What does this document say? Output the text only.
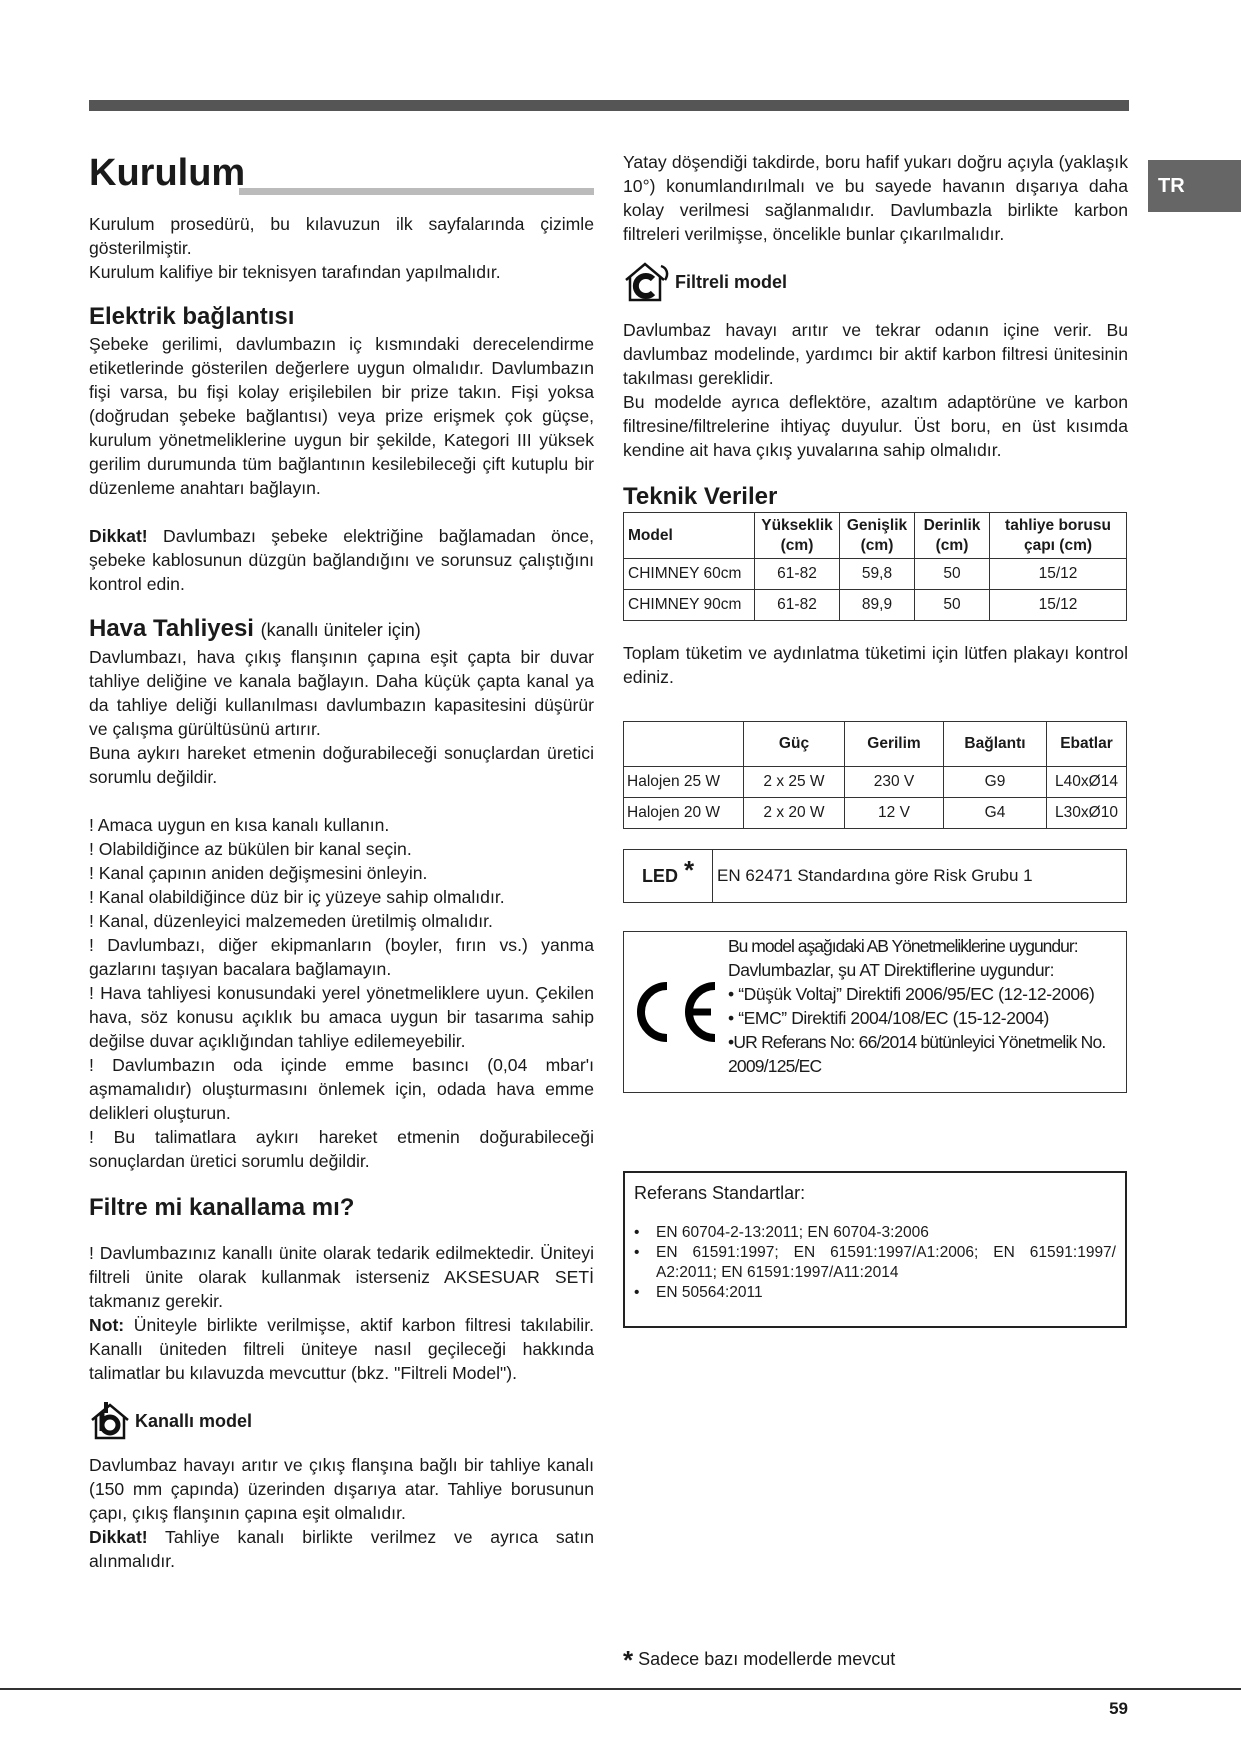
TR
Kurulum

Kurulum prosedürü, bu kılavuzun ilk sayfalarında çizimle gösterilmiştir.

Kurulum kalifiye bir teknisyen tarafından yapılmalıdır.

Elektrik bağlantısı

Şebeke gerilimi, davlumbazın iç kısmındaki derecelendirme etiketlerinde gösterilen değerlere uygun olmalıdır. Davlumbazın fişi varsa, bu fişi kolay erişilebilen bir prize takın. Fişi yoksa (doğrudan şebeke bağlantısı) veya prize erişmek çok güçse, kurulum yönetmeliklerine uygun bir şekilde, Kategori III yüksek gerilim durumunda tüm bağlantının kesilebileceği çift kutuplu bir düzenleme anahtarı bağlayın.

Dikkat! Davlumbazı şebeke elektriğine bağlamadan önce, şebeke kablosunun düzgün bağlandığını ve sorunsuz çalıştığını kontrol edin.

Hava Tahliyesi (kanallı üniteler için)

Davlumbazı, hava çıkış flanşının çapına eşit çapta bir duvar tahliye deliğine ve kanala bağlayın. Daha küçük çapta kanal ya da tahliye deliği kullanılması davlumbazın kapasitesini düşürür ve çalışma gürültüsünü artırır.

Buna aykırı hareket etmenin doğurabileceği sonuçlardan üretici sorumlu değildir.

! Amaca uygun en kısa kanalı kullanın.

! Olabildiğince az bükülen bir kanal seçin.

! Kanal çapının aniden değişmesini önleyin.

! Kanal olabildiğince düz bir iç yüzeye sahip olmalıdır.

! Kanal, düzenleyici malzemeden üretilmiş olmalıdır.

! Davlumbazı, diğer ekipmanların (boyler, fırın vs.) yanma gazlarını taşıyan bacalara bağlamayın.

! Hava tahliyesi konusundaki yerel yönetmeliklere uyun. Çekilen hava, söz konusu açıklık bu amaca uygun bir tasarıma sahip değilse duvar açıklığından tahliye edilemeyebilir.

! Davlumbazın oda içinde emme basıncı (0,04 mbar'ı aşmamalıdır) oluşturmasını önlemek için, odada hava emme delikleri oluşturun.

! Bu talimatlara aykırı hareket etmenin doğurabileceği sonuçlardan üretici sorumlu değildir.

Filtre mi kanallama mı?

! Davlumbazınız kanallı ünite olarak tedarik edilmektedir. Üniteyi filtreli ünite olarak kullanmak isterseniz AKSESUAR SETİ takmanız gerekir.

Not: Üniteyle birlikte verilmişse, aktif karbon filtresi takılabilir. Kanallı üniteden filtreli üniteye nasıl geçileceği hakkında talimatlar bu kılavuzda mevcuttur (bkz. "Filtreli Model").

Kanallı model

Davlumbaz havayı arıtır ve çıkış flanşına bağlı bir tahliye kanalı (150 mm çapında) üzerinden dışarıya atar. Tahliye borusunun çapı, çıkış flanşının çapına eşit olmalıdır.

Dikkat! Tahliye kanalı birlikte verilmez ve ayrıca satın alınmalıdır.

Yatay döşendiği takdirde, boru hafif yukarı doğru açıyla (yaklaşık 10°) konumlandırılmalı ve bu sayede havanın dışarıya daha kolay verilmesi sağlanmalıdır. Davlumbazla birlikte karbon filtreleri verilmişse, öncelikle bunlar çıkarılmalıdır.

Filtreli model

Davlumbaz havayı arıtır ve tekrar odanın içine verir. Bu davlumbaz modelinde, yardımcı bir aktif karbon filtresi ünitesinin takılması gereklidir.

Bu modelde ayrıca deflektöre, azaltım adaptörüne ve karbon filtresine/filtrelerine ihtiyaç duyulur. Üst boru, en üst kısımda kendine ait hava çıkış yuvalarına sahip olmalıdır.

Teknik Veriler
Model	Yükseklik (cm)	Genişlik (cm)	Derinlik (cm)	tahliye borusu çapı (cm)
CHIMNEY 60cm	61-82	59,8	50	15/12
CHIMNEY 90cm	61-82	89,9	50	15/12

Toplam tüketim ve aydınlatma tüketimi için lütfen plakayı kontrol ediniz.

	Güç	Gerilim	Bağlantı	Ebatlar
Halojen 25 W	2 x 25 W	230 V	G9	L40xØ14
Halojen 20 W	2 x 20 W	12 V	G4	L30xØ10
LED * EN 62471 Standardına göre Risk Grubu 1
Bu model aşağıdaki AB Yönetmeliklerine uygundur:
Davlumbazlar, şu AT Direktiflerine uygundur:
• “Düşük Voltaj” Direktifi 2006/95/EC (12-12-2006)
• “EMC” Direktifi 2004/108/EC (15-12-2004)
•UR Referans No: 66/2014 bütünleyici Yönetmelik No. 2009/125/EC
Referans Standartlar:
•	EN 60704-2-13:2011; EN 60704-3:2006
•	EN 61591:1997; EN 61591:1997/A1:2006; EN 61591:1997/ A2:2011; EN 61591:1997/A11:2014
•	EN 50564:2011
* Sadece bazı modellerde mevcut
59
